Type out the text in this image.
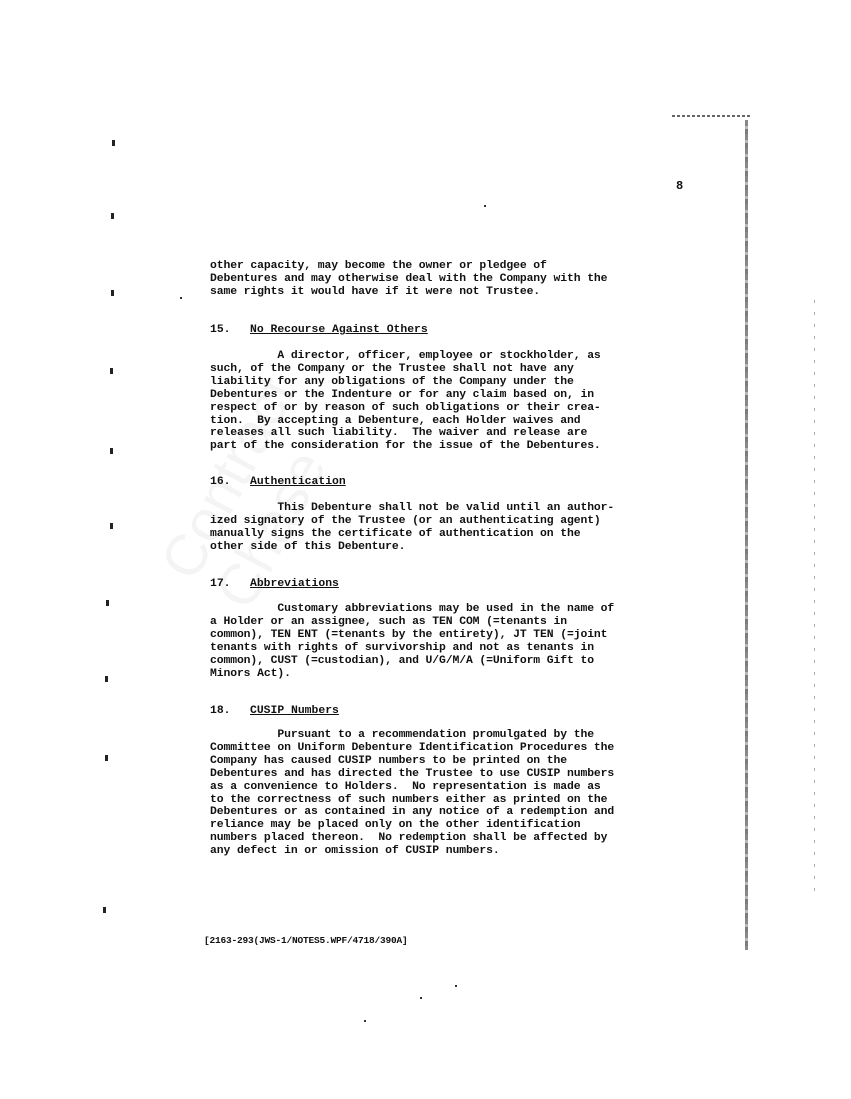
8
other capacity, may become the owner or pledgee of
Debentures and may otherwise deal with the Company with the
same rights it would have if it were not Trustee.
15. No Recourse Against Others
A director, officer, employee or stockholder, as
such, of the Company or the Trustee shall not have any
liability for any obligations of the Company under the
Debentures or the Indenture or for any claim based on, in
respect of or by reason of such obligations or their crea-
tion.  By accepting a Debenture, each Holder waives and
releases all such liability.  The waiver and release are
part of the consideration for the issue of the Debentures.
16. Authentication
This Debenture shall not be valid until an author-
ized signatory of the Trustee (or an authenticating agent)
manually signs the certificate of authentication on the
other side of this Debenture.
17. Abbreviations
Customary abbreviations may be used in the name of
a Holder or an assignee, such as TEN COM (=tenants in
common), TEN ENT (=tenants by the entirety), JT TEN (=joint
tenants with rights of survivorship and not as tenants in
common), CUST (=custodian), and U/G/M/A (=Uniform Gift to
Minors Act).
18. CUSIP Numbers
Pursuant to a recommendation promulgated by the
Committee on Uniform Debenture Identification Procedures the
Company has caused CUSIP numbers to be printed on the
Debentures and has directed the Trustee to use CUSIP numbers
as a convenience to Holders.  No representation is made as
to the correctness of such numbers either as printed on the
Debentures or as contained in any notice of a redemption and
reliance may be placed only on the other identification
numbers placed thereon.  No redemption shall be affected by
any defect in or omission of CUSIP numbers.
[2163-293(JWS-1/NOTES5.WPF/4718/390A]
